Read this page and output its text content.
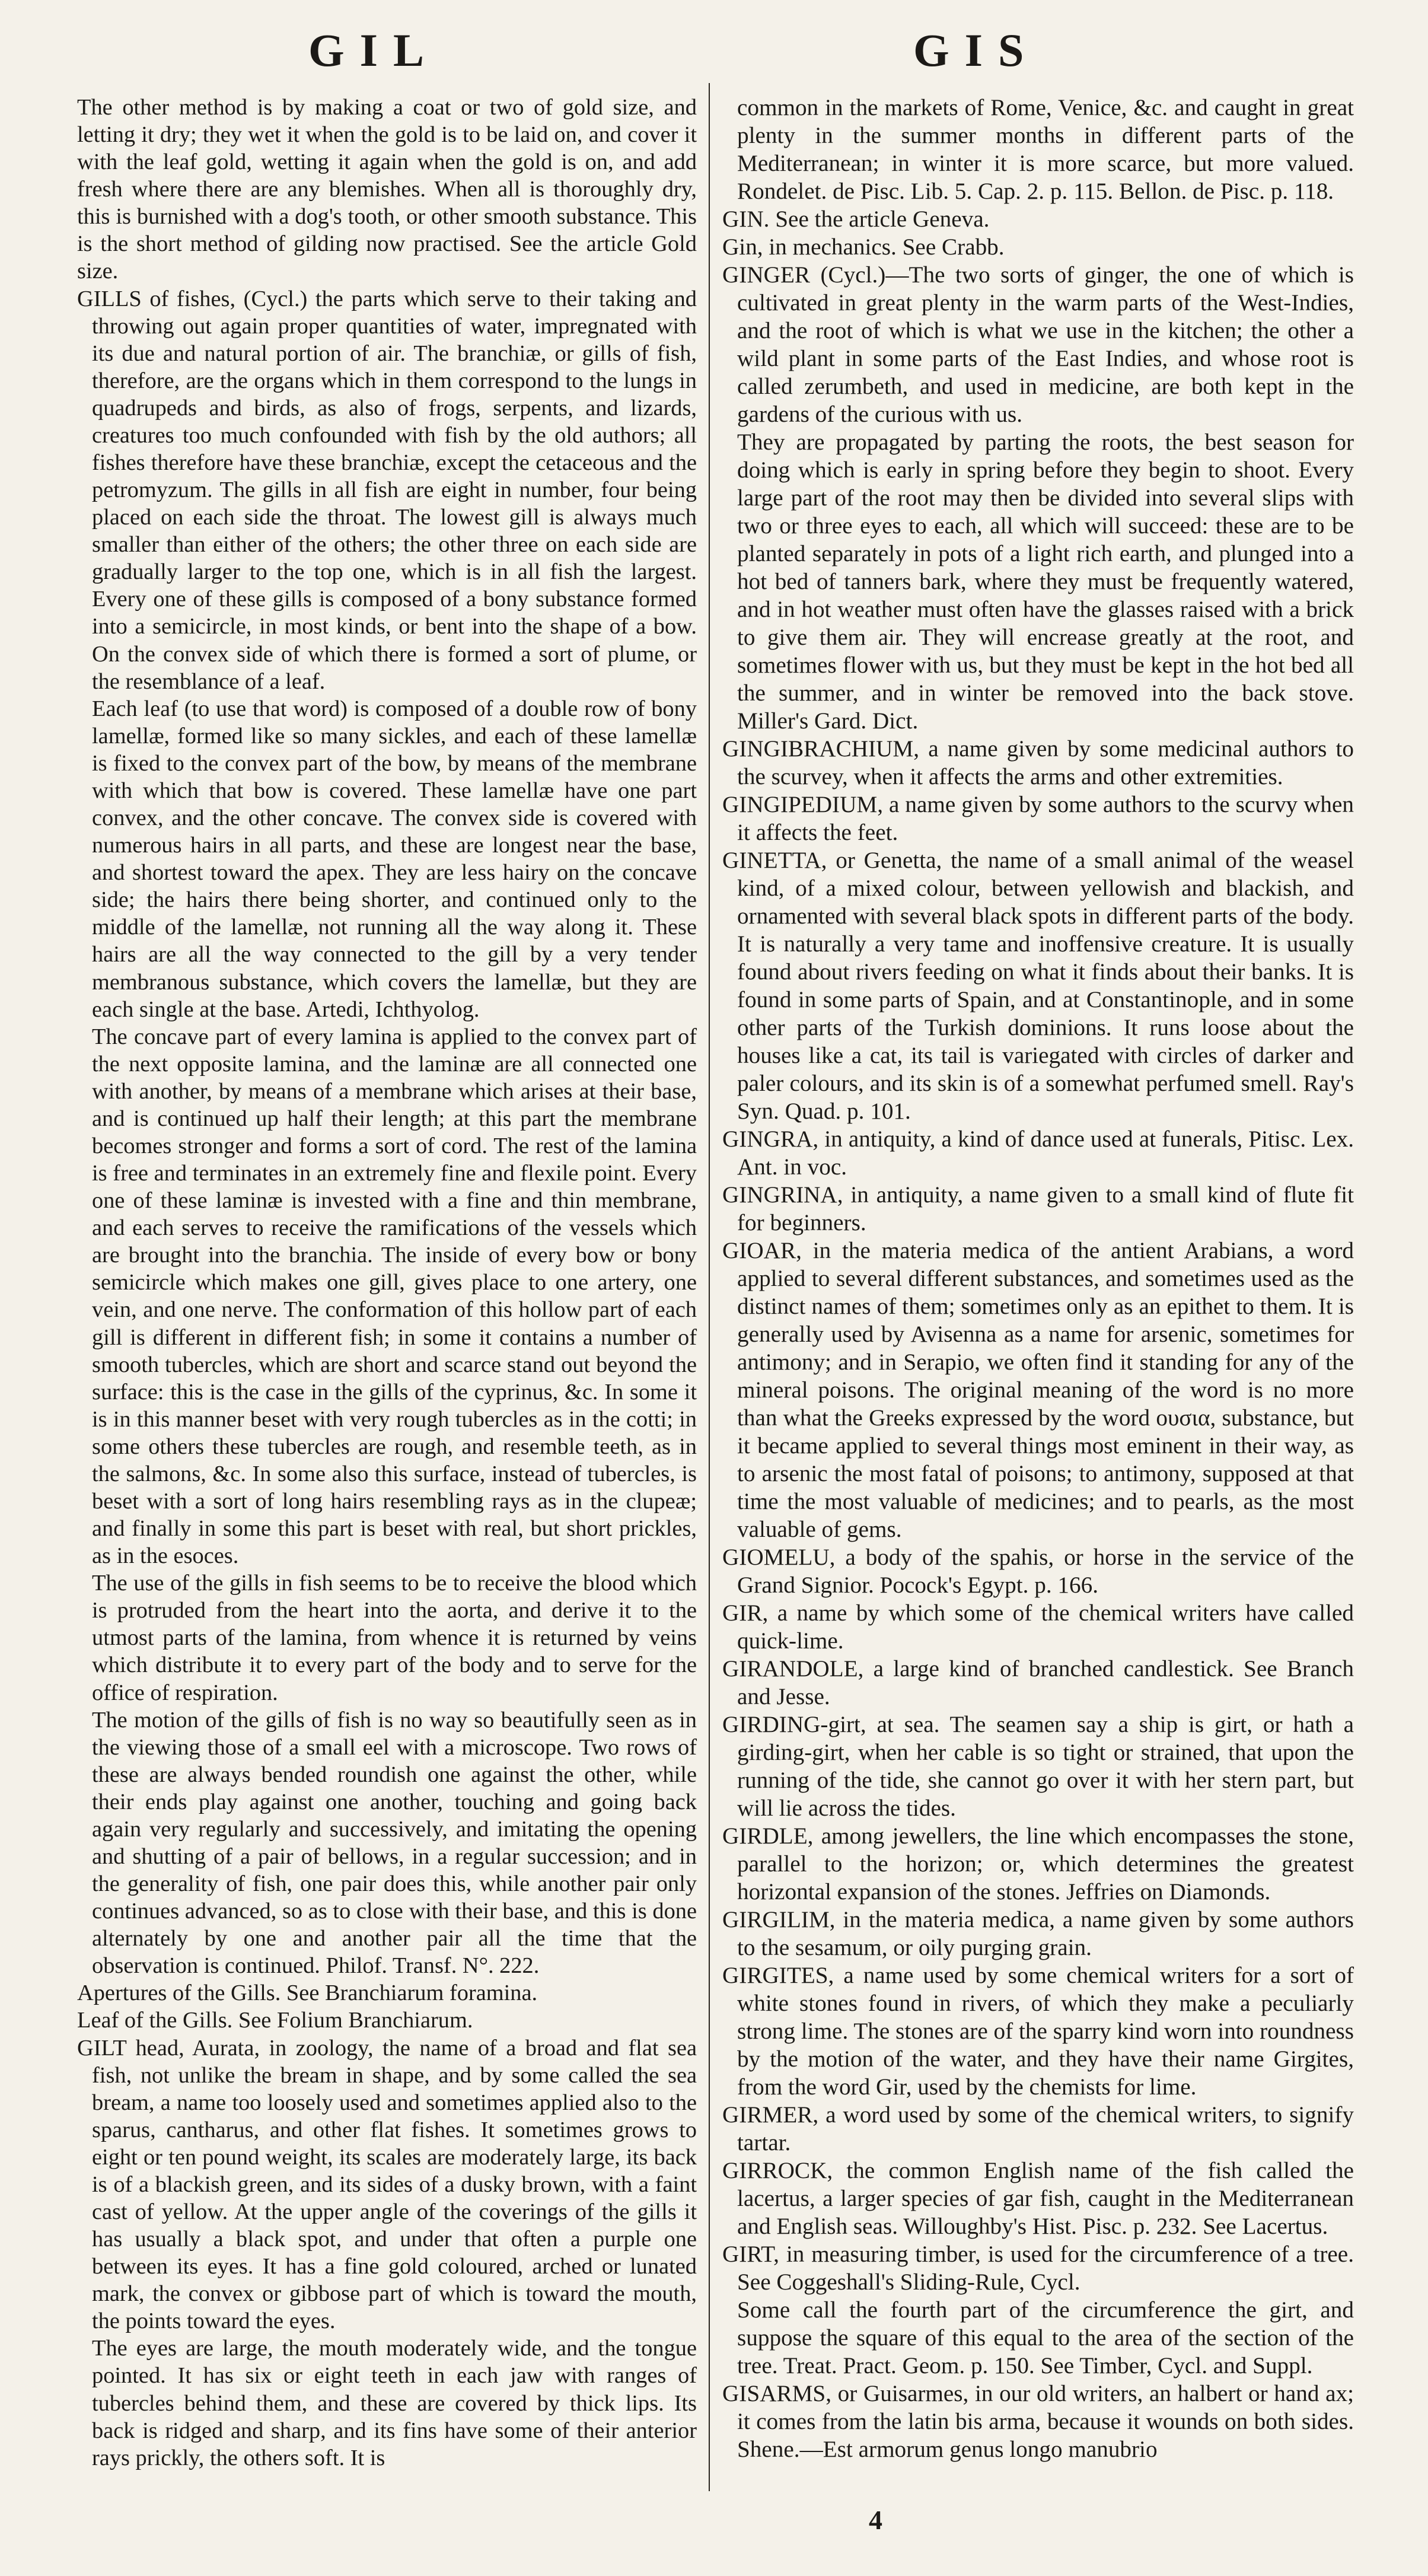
GIL	GIS

The other method is by making a coat or two of gold size, and letting it dry; they wet it when the gold is to be laid on, and cover it with the leaf gold, wetting it again when the gold is on, and add fresh where there are any blemishes. When all is thoroughly dry, this is burnished with a dog's tooth, or other smooth substance. This is the short method of gilding now practised. See the article Gold size.

GILLS of fishes, (Cycl.) the parts which serve to their taking and throwing out again proper quantities of water, impregnated with its due and natural portion of air. The branchiæ, or gills of fish, therefore, are the organs which in them correspond to the lungs in quadrupeds and birds, as also of frogs, serpents, and lizards, creatures too much confounded with fish by the old authors; all fishes therefore have these branchiæ, except the cetaceous and the petromyzum. The gills in all fish are eight in number, four being placed on each side the throat. The lowest gill is always much smaller than either of the others; the other three on each side are gradually larger to the top one, which is in all fish the largest. Every one of these gills is composed of a bony substance formed into a semicircle, in most kinds, or bent into the shape of a bow. On the convex side of which there is formed a sort of plume, or the resemblance of a leaf.

Each leaf (to use that word) is composed of a double row of bony lamellæ, formed like so many sickles, and each of these lamellæ is fixed to the convex part of the bow, by means of the membrane with which that bow is covered. These lamellæ have one part convex, and the other concave. The convex side is covered with numerous hairs in all parts, and these are longest near the base, and shortest toward the apex. They are less hairy on the concave side; the hairs there being shorter, and continued only to the middle of the lamellæ, not running all the way along it. These hairs are all the way connected to the gill by a very tender membranous substance, which covers the lamellæ, but they are each single at the base. Artedi, Ichthyolog.

The concave part of every lamina is applied to the convex part of the next opposite lamina, and the laminæ are all connected one with another, by means of a membrane which arises at their base, and is continued up half their length; at this part the membrane becomes stronger and forms a sort of cord. The rest of the lamina is free and terminates in an extremely fine and flexile point. Every one of these laminæ is invested with a fine and thin membrane, and each serves to receive the ramifications of the vessels which are brought into the branchia. The inside of every bow or bony semicircle which makes one gill, gives place to one artery, one vein, and one nerve. The conformation of this hollow part of each gill is different in different fish; in some it contains a number of smooth tubercles, which are short and scarce stand out beyond the surface: this is the case in the gills of the cyprinus, &c. In some it is in this manner beset with very rough tubercles as in the cotti; in some others these tubercles are rough, and resemble teeth, as in the salmons, &c. In some also this surface, instead of tubercles, is beset with a sort of long hairs resembling rays as in the clupeæ; and finally in some this part is beset with real, but short prickles, as in the esoces.

The use of the gills in fish seems to be to receive the blood which is protruded from the heart into the aorta, and derive it to the utmost parts of the lamina, from whence it is returned by veins which distribute it to every part of the body and to serve for the office of respiration.

The motion of the gills of fish is no way so beautifully seen as in the viewing those of a small eel with a microscope. Two rows of these are always bended roundish one against the other, while their ends play against one another, touching and going back again very regularly and successively, and imitating the opening and shutting of a pair of bellows, in a regular succession; and in the generality of fish, one pair does this, while another pair only continues advanced, so as to close with their base, and this is done alternately by one and another pair all the time that the observation is continued. Philof. Transf. N°. 222.

Apertures of the Gills. See Branchiarum foramina.

Leaf of the Gills. See Folium Branchiarum.

GILT head, Aurata, in zoology, the name of a broad and flat sea fish, not unlike the bream in shape, and by some called the sea bream, a name too loosely used and sometimes applied also to the sparus, cantharus, and other flat fishes. It sometimes grows to eight or ten pound weight, its scales are moderately large, its back is of a blackish green, and its sides of a dusky brown, with a faint cast of yellow. At the upper angle of the coverings of the gills it has usually a black spot, and under that often a purple one between its eyes. It has a fine gold coloured, arched or lunated mark, the convex or gibbose part of which is toward the mouth, the points toward the eyes.

The eyes are large, the mouth moderately wide, and the tongue pointed. It has six or eight teeth in each jaw with ranges of tubercles behind them, and these are covered by thick lips. Its back is ridged and sharp, and its fins have some of their anterior rays prickly, the others soft. It is

common in the markets of Rome, Venice, &c. and caught in great plenty in the summer months in different parts of the Mediterranean; in winter it is more scarce, but more valued. Rondelet. de Pisc. Lib. 5. Cap. 2. p. 115. Bellon. de Pisc. p. 118.

GIN. See the article Geneva.

Gin, in mechanics. See Crabb.

GINGER (Cycl.)—The two sorts of ginger, the one of which is cultivated in great plenty in the warm parts of the West-Indies, and the root of which is what we use in the kitchen; the other a wild plant in some parts of the East Indies, and whose root is called zerumbeth, and used in medicine, are both kept in the gardens of the curious with us.

They are propagated by parting the roots, the best season for doing which is early in spring before they begin to shoot. Every large part of the root may then be divided into several slips with two or three eyes to each, all which will succeed: these are to be planted separately in pots of a light rich earth, and plunged into a hot bed of tanners bark, where they must be frequently watered, and in hot weather must often have the glasses raised with a brick to give them air. They will encrease greatly at the root, and sometimes flower with us, but they must be kept in the hot bed all the summer, and in winter be removed into the back stove. Miller's Gard. Dict.

GINGIBRACHIUM, a name given by some medicinal authors to the scurvey, when it affects the arms and other extremities.

GINGIPEDIUM, a name given by some authors to the scurvy when it affects the feet.

GINETTA, or Genetta, the name of a small animal of the weasel kind, of a mixed colour, between yellowish and blackish, and ornamented with several black spots in different parts of the body. It is naturally a very tame and inoffensive creature. It is usually found about rivers feeding on what it finds about their banks. It is found in some parts of Spain, and at Constantinople, and in some other parts of the Turkish dominions. It runs loose about the houses like a cat, its tail is variegated with circles of darker and paler colours, and its skin is of a somewhat perfumed smell. Ray's Syn. Quad. p. 101.

GINGRA, in antiquity, a kind of dance used at funerals, Pitisc. Lex. Ant. in voc.

GINGRINA, in antiquity, a name given to a small kind of flute fit for beginners.

GIOAR, in the materia medica of the antient Arabians, a word applied to several different substances, and sometimes used as the distinct names of them; sometimes only as an epithet to them. It is generally used by Avisenna as a name for arsenic, sometimes for antimony; and in Serapio, we often find it standing for any of the mineral poisons. The original meaning of the word is no more than what the Greeks expressed by the word ουσια, substance, but it became applied to several things most eminent in their way, as to arsenic the most fatal of poisons; to antimony, supposed at that time the most valuable of medicines; and to pearls, as the most valuable of gems.

GIOMELU, a body of the spahis, or horse in the service of the Grand Signior. Pocock's Egypt. p. 166.

GIR, a name by which some of the chemical writers have called quick-lime.

GIRANDOLE, a large kind of branched candlestick. See Branch and Jesse.

GIRDING-girt, at sea. The seamen say a ship is girt, or hath a girding-girt, when her cable is so tight or strained, that upon the running of the tide, she cannot go over it with her stern part, but will lie across the tides.

GIRDLE, among jewellers, the line which encompasses the stone, parallel to the horizon; or, which determines the greatest horizontal expansion of the stones. Jeffries on Diamonds.

GIRGILIM, in the materia medica, a name given by some authors to the sesamum, or oily purging grain.

GIRGITES, a name used by some chemical writers for a sort of white stones found in rivers, of which they make a peculiarly strong lime. The stones are of the sparry kind worn into roundness by the motion of the water, and they have their name Girgites, from the word Gir, used by the chemists for lime.

GIRMER, a word used by some of the chemical writers, to signify tartar.

GIRROCK, the common English name of the fish called the lacertus, a larger species of gar fish, caught in the Mediterranean and English seas. Willoughby's Hist. Pisc. p. 232. See Lacertus.

GIRT, in measuring timber, is used for the circumference of a tree. See Coggeshall's Sliding-Rule, Cycl.

Some call the fourth part of the circumference the girt, and suppose the square of this equal to the area of the section of the tree. Treat. Pract. Geom. p. 150. See Timber, Cycl. and Suppl.

GISARMS, or Guisarmes, in our old writers, an halbert or hand ax; it comes from the latin bis arma, because it wounds on both sides. Shene.—Est armorum genus longo manubrio

4
